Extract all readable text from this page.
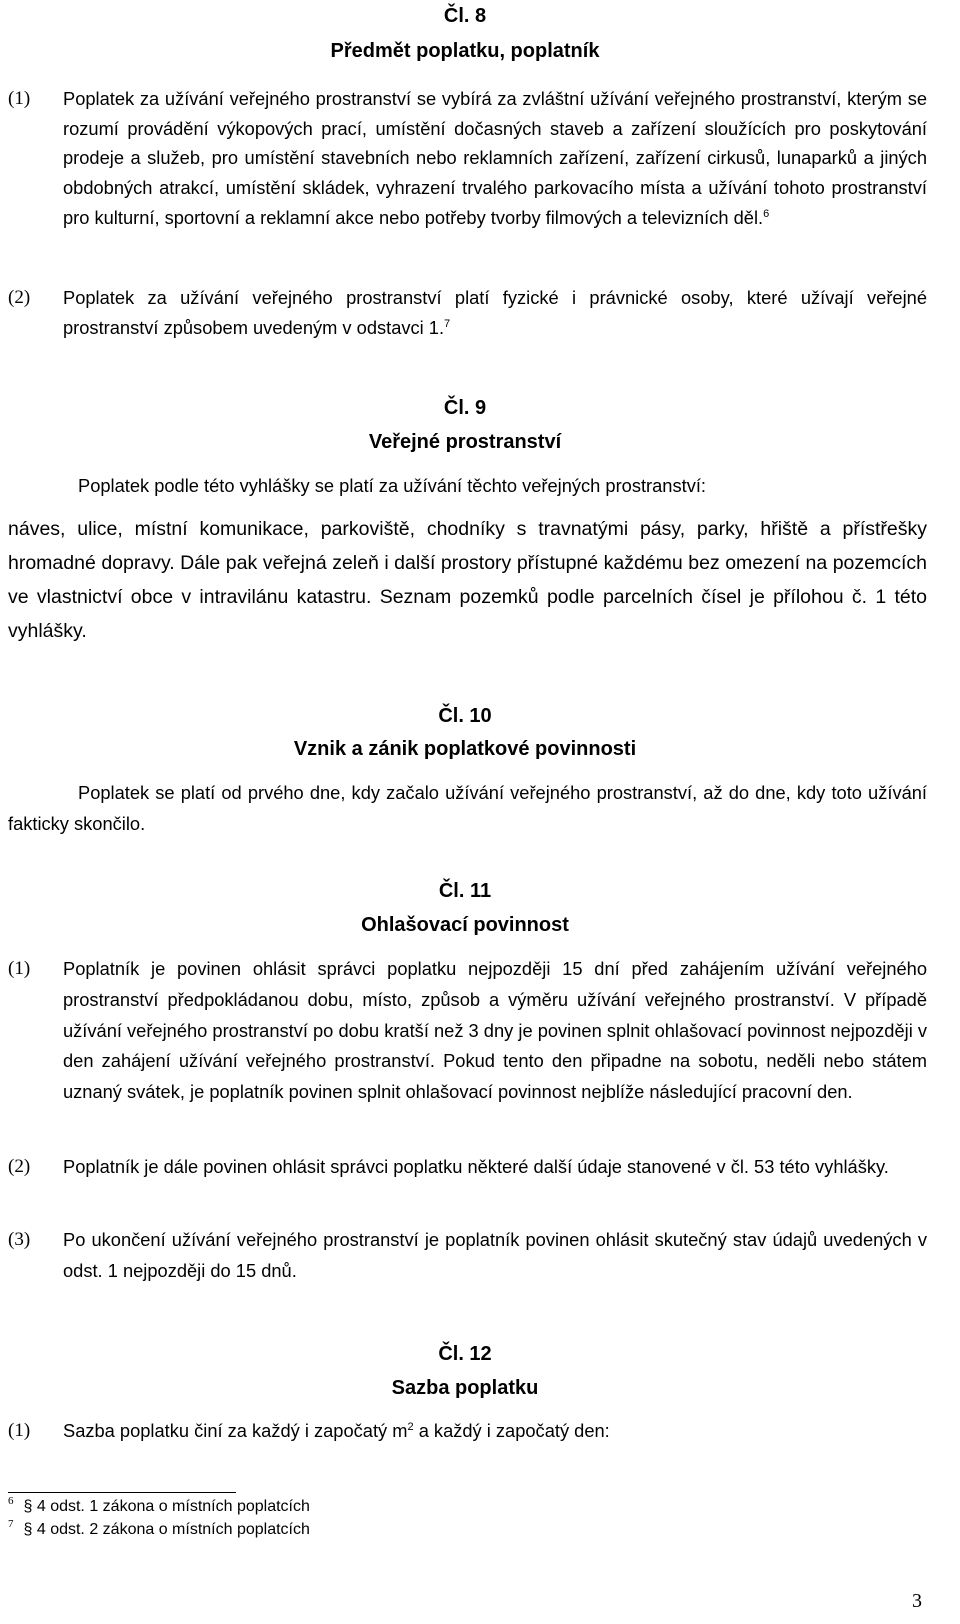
Čl. 8
Předmět poplatku, poplatník
(1) Poplatek za užívání veřejného prostranství se vybírá za zvláštní užívání veřejného prostranství, kterým se rozumí provádění výkopových prací, umístění dočasných staveb a zařízení sloužících pro poskytování prodeje a služeb, pro umístění stavebních nebo reklamních zařízení, zařízení cirkusů, lunaparků a jiných obdobných atrakcí, umístění skládek, vyhrazení trvalého parkovacího místa a užívání tohoto prostranství pro kulturní, sportovní a reklamní akce nebo potřeby tvorby filmových a televizních děl.$^6$
(2) Poplatek za užívání veřejného prostranství platí fyzické i právnické osoby, které užívají veřejné prostranství způsobem uvedeným v odstavci 1.$^7$
Čl. 9
Veřejné prostranství
Poplatek podle této vyhlášky se platí za užívání těchto veřejných prostranství:
náves, ulice, místní komunikace, parkoviště, chodníky s travnatými pásy, parky, hřiště a přístřešky hromadné dopravy. Dále pak veřejná zeleň i další prostory přístupné každému bez omezení na pozemcích ve vlastnictví obce v intravilánu katastru. Seznam pozemků podle parcelních čísel je přílohou č. 1 této vyhlášky.
Čl. 10
Vznik a zánik poplatkové povinnosti
Poplatek se platí od prvého dne, kdy začalo užívání veřejného prostranství, až do dne, kdy toto užívání fakticky skončilo.
Čl. 11
Ohlašovací povinnost
(1) Poplatník je povinen ohlásit správci poplatku nejpozději 15 dní před zahájením užívání veřejného prostranství předpokládanou dobu, místo, způsob a výměru užívání veřejného prostranství. V případě užívání veřejného prostranství po dobu kratší než 3 dny je povinen splnit ohlašovací povinnost nejpozději v den zahájení užívání veřejného prostranství. Pokud tento den připadne na sobotu, neděli nebo státem uznaný svátek, je poplatník povinen splnit ohlašovací povinnost nejblíže následující pracovní den.
(2) Poplatník je dále povinen ohlásit správci poplatku některé další údaje stanovené v čl. 53 této vyhlášky.
(3) Po ukončení užívání veřejného prostranství je poplatník povinen ohlásit skutečný stav údajů uvedených v odst. 1 nejpozději do 15 dnů.
Čl. 12
Sazba poplatku
(1) Sazba poplatku činí za každý i započatý $m^2$ a každý i započatý den:
$^6$ § 4 odst. 1 zákona o místních poplatcích
$^7$ § 4 odst. 2 zákona o místních poplatcích
3
